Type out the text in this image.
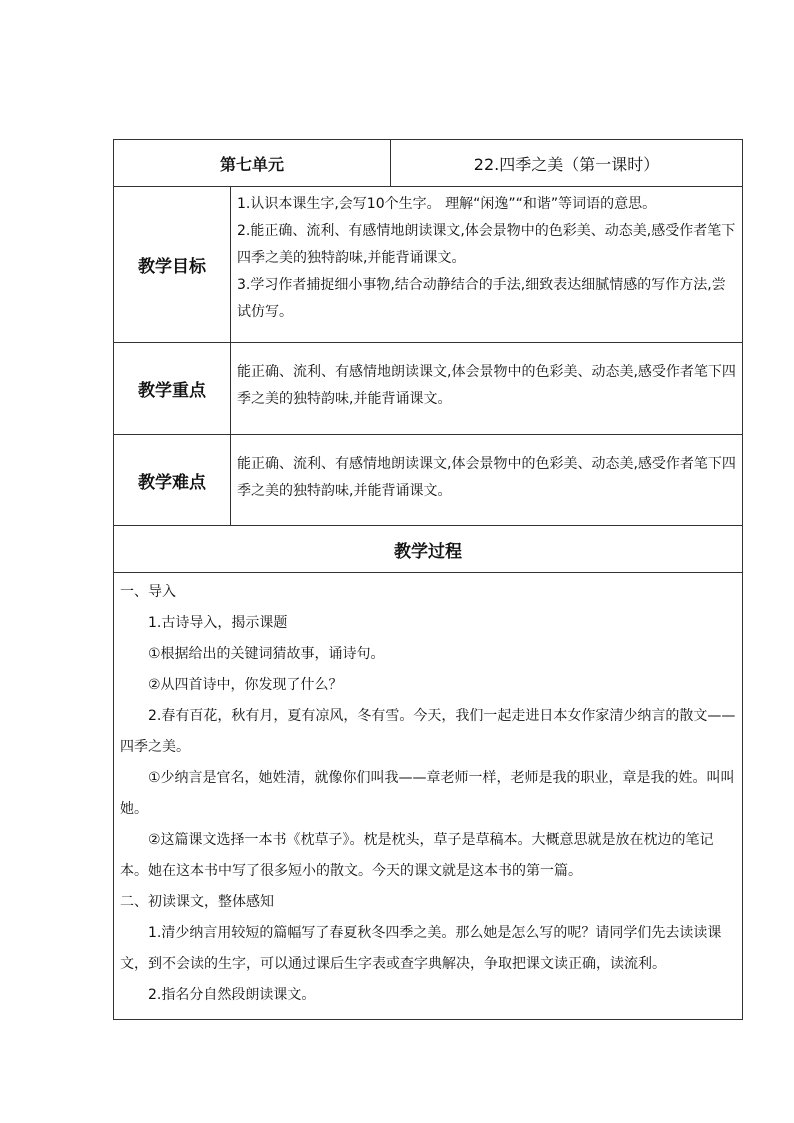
第七单元	22.四季之美（第一课时）
教学目标

1.认识本课生字,会写10个生字。 理解“闲逸”“和谐”等词语的意思。

2.能正确、流利、有感情地朗读课文,体会景物中的色彩美、动态美,感受作者笔下四季之美的独特韵味,并能背诵课文。

3.学习作者捕捉细小事物,结合动静结合的手法,细致表达细腻情感的写作方法,尝试仿写。

教学重点

能正确、流利、有感情地朗读课文,体会景物中的色彩美、动态美,感受作者笔下四季之美的独特韵味,并能背诵课文。

教学难点

能正确、流利、有感情地朗读课文,体会景物中的色彩美、动态美,感受作者笔下四季之美的独特韵味,并能背诵课文。

教学过程

一、导入

1.古诗导入，揭示课题

①根据给出的关键词猜故事，诵诗句。

②从四首诗中，你发现了什么？

2.春有百花，秋有月，夏有凉风，冬有雪。今天，我们一起走进日本女作家清少纳言的散文——四季之美。

①少纳言是官名，她姓清，就像你们叫我——章老师一样，老师是我的职业，章是我的姓。叫叫她。

②这篇课文选择一本书《枕草子》。枕是枕头，草子是草稿本。大概意思就是放在枕边的笔记本。她在这本书中写了很多短小的散文。今天的课文就是这本书的第一篇。

二、初读课文，整体感知

1.清少纳言用较短的篇幅写了春夏秋冬四季之美。那么她是怎么写的呢？请同学们先去读读课文，到不会读的生字，可以通过课后生字表或查字典解决，争取把课文读正确，读流利。

2.指名分自然段朗读课文。
